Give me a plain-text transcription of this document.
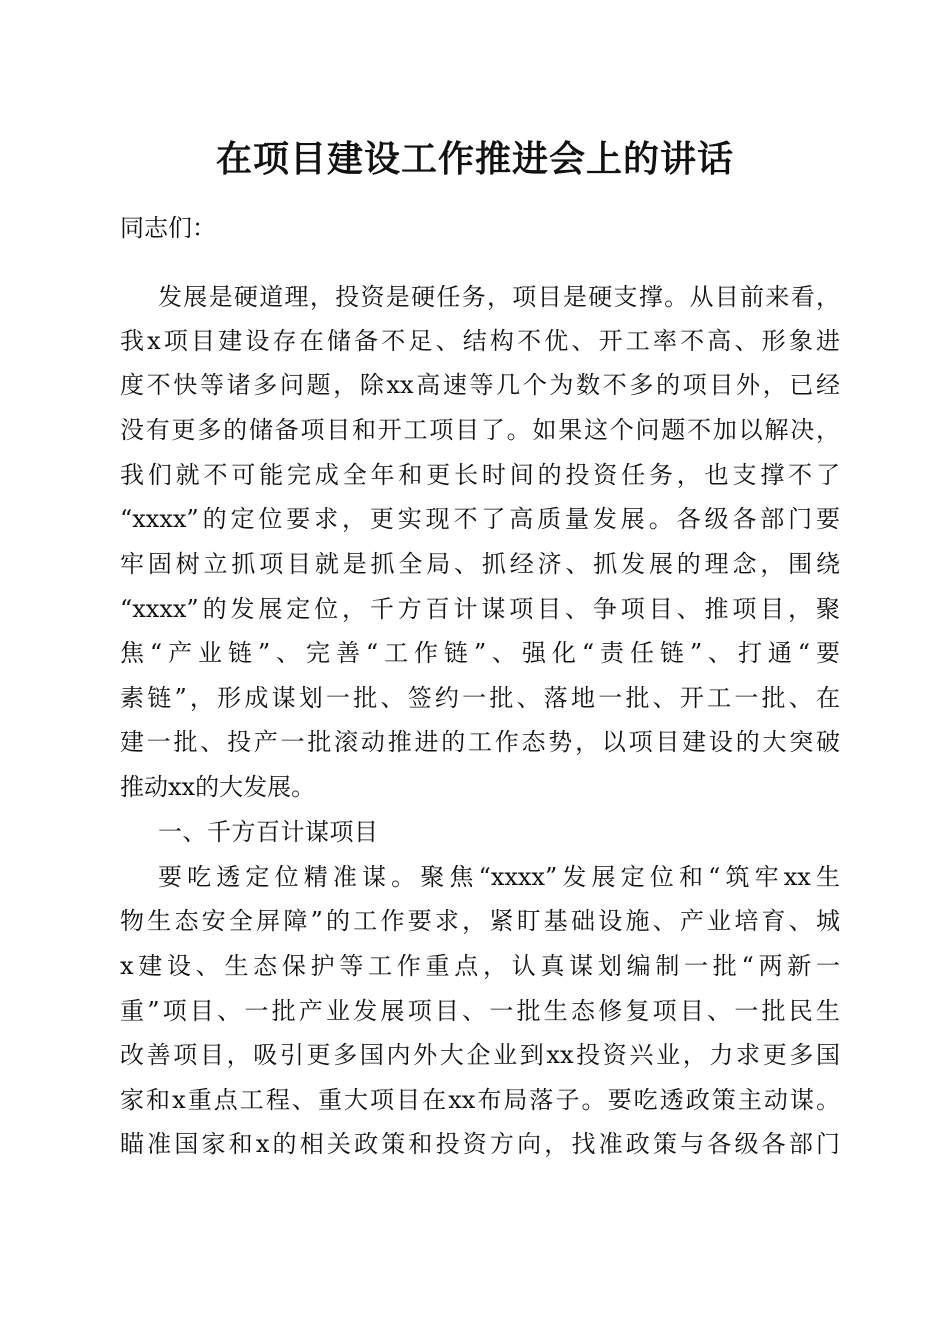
在项目建设工作推进会上的讲话
同志们：
发展是硬道理，投资是硬任务，项目是硬支撑。从目前来看，
我x项目建设存在储备不足、结构不优、开工率不高、形象进
度不快等诸多问题，除xx高速等几个为数不多的项目外，已经
没有更多的储备项目和开工项目了。如果这个问题不加以解决，
我们就不可能完成全年和更长时间的投资任务，也支撑不了
“xxxx”的定位要求，更实现不了高质量发展。各级各部门要
牢固树立抓项目就是抓全局、抓经济、抓发展的理念，围绕
“xxxx”的发展定位，千方百计谋项目、争项目、推项目，聚
焦“产业链”、完善“工作链”、强化“责任链”、打通“要
素链”，形成谋划一批、签约一批、落地一批、开工一批、在
建一批、投产一批滚动推进的工作态势，以项目建设的大突破
推动xx的大发展。
一、千方百计谋项目
要吃透定位精准谋。聚焦“xxxx”发展定位和“筑牢xx生
物生态安全屏障”的工作要求，紧盯基础设施、产业培育、城
x建设、生态保护等工作重点，认真谋划编制一批“两新一
重”项目、一批产业发展项目、一批生态修复项目、一批民生
改善项目，吸引更多国内外大企业到xx投资兴业，力求更多国
家和x重点工程、重大项目在xx布局落子。要吃透政策主动谋。
瞄准国家和x的相关政策和投资方向，找准政策与各级各部门
